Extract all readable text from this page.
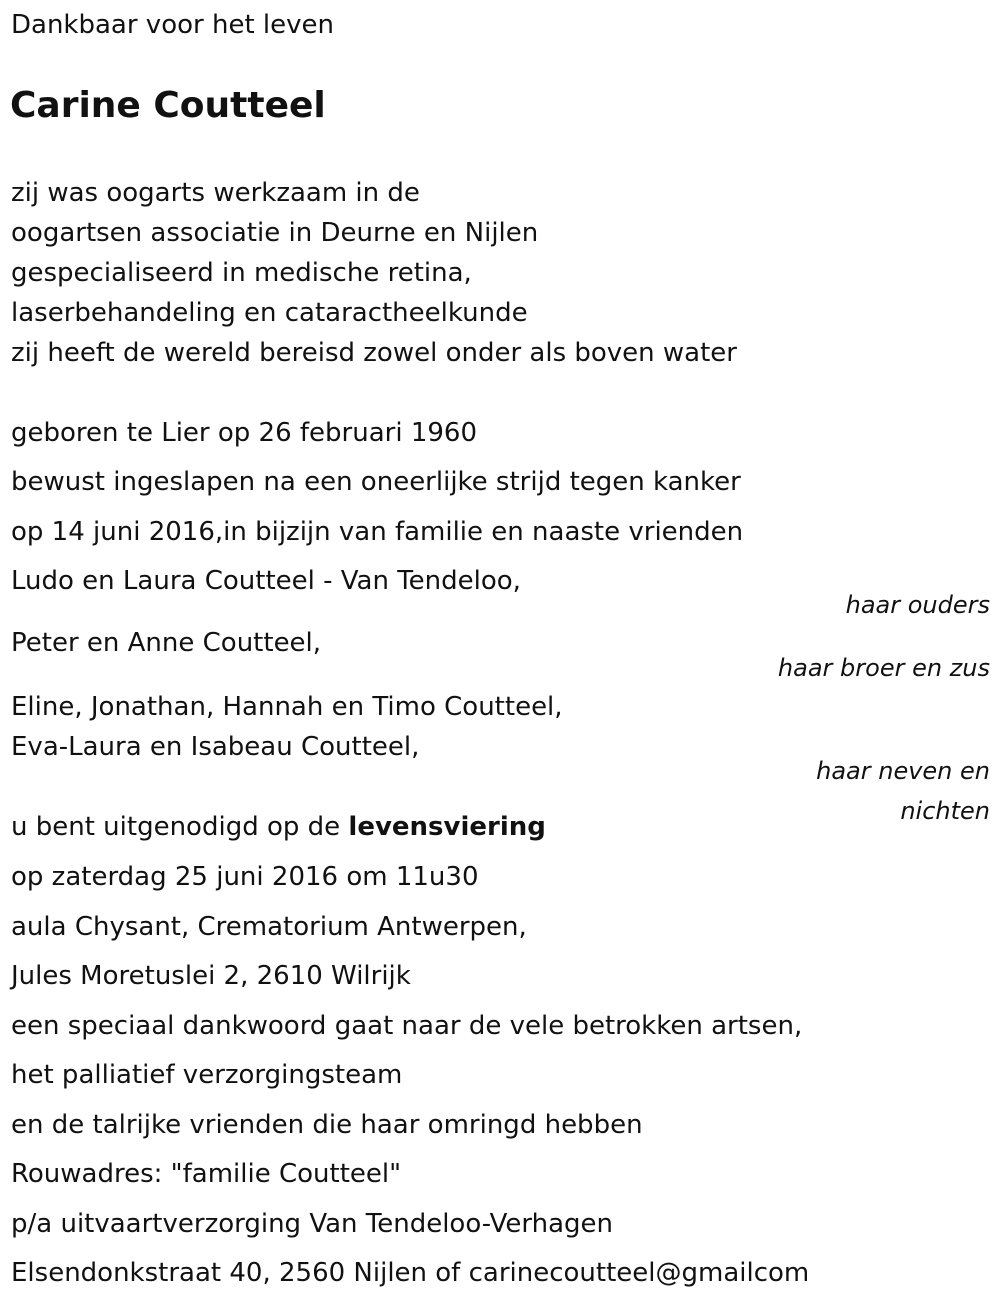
Dankbaar voor het leven
Carine Coutteel
zij was oogarts werkzaam in de
oogartsen associatie in Deurne en Nijlen
gespecialiseerd in medische retina,
laserbehandeling en cataractheelkunde
zij heeft de wereld bereisd zowel onder als boven water
geboren te Lier op 26 februari 1960
bewust ingeslapen na een oneerlijke strijd tegen kanker
op 14 juni 2016,in bijzijn van familie en naaste vrienden
Ludo en Laura Coutteel - Van Tendeloo,
haar ouders
Peter en Anne Coutteel,
haar broer en zus
Eline, Jonathan, Hannah en Timo Coutteel,
Eva-Laura en Isabeau Coutteel,
haar neven en
nichten
u bent uitgenodigd op de levensviering
op zaterdag 25 juni 2016 om 11u30
aula Chysant, Crematorium Antwerpen,
Jules Moretuslei 2, 2610 Wilrijk
een speciaal dankwoord gaat naar de vele betrokken artsen,
het palliatief verzorgingsteam
en de talrijke vrienden die haar omringd hebben
Rouwadres: "familie Coutteel"
p/a uitvaartverzorging Van Tendeloo-Verhagen
Elsendonkstraat 40, 2560 Nijlen of carinecoutteel@gmailcom
